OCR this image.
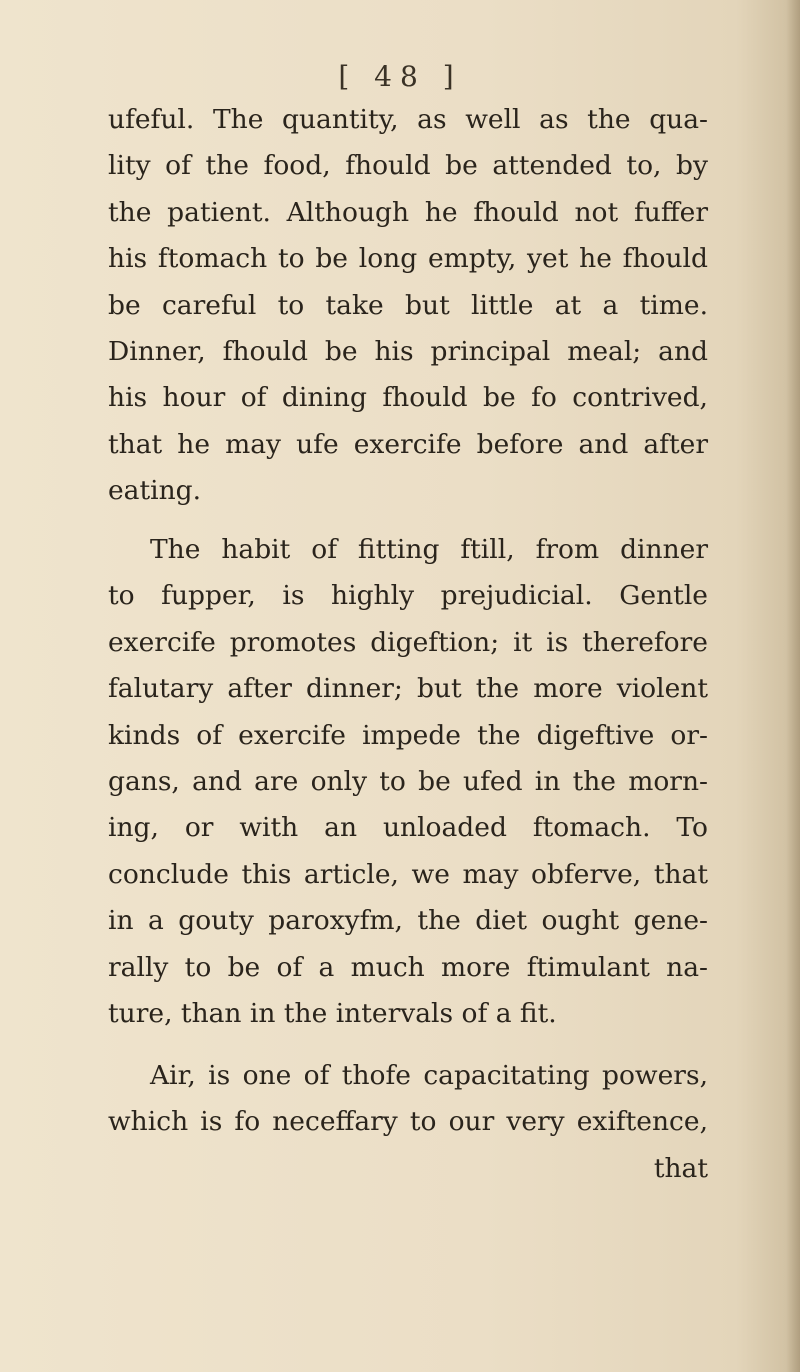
[ 48 ]
ufeful. The quantity, as well as the qua-
lity of the food, fhould be attended to, by
the patient. Although he fhould not fuffer
his ftomach to be long empty, yet he fhould
be careful to take but little at a time.
Dinner, fhould be his principal meal; and
his hour of dining fhould be fo contrived,
that he may ufe exercife before and after
eating.
The habit of fitting ftill, from dinner
to fupper, is highly prejudicial. Gentle
exercife promotes digeftion; it is therefore
falutary after dinner; but the more violent
kinds of exercife impede the digeftive or-
gans, and are only to be ufed in the morn-
ing, or with an unloaded ftomach. To
conclude this article, we may obferve, that
in a gouty paroxyfm, the diet ought gene-
rally to be of a much more ftimulant na-
ture, than in the intervals of a fit.
Air, is one of thofe capacitating powers,
which is fo neceffary to our very exiftence,
that
